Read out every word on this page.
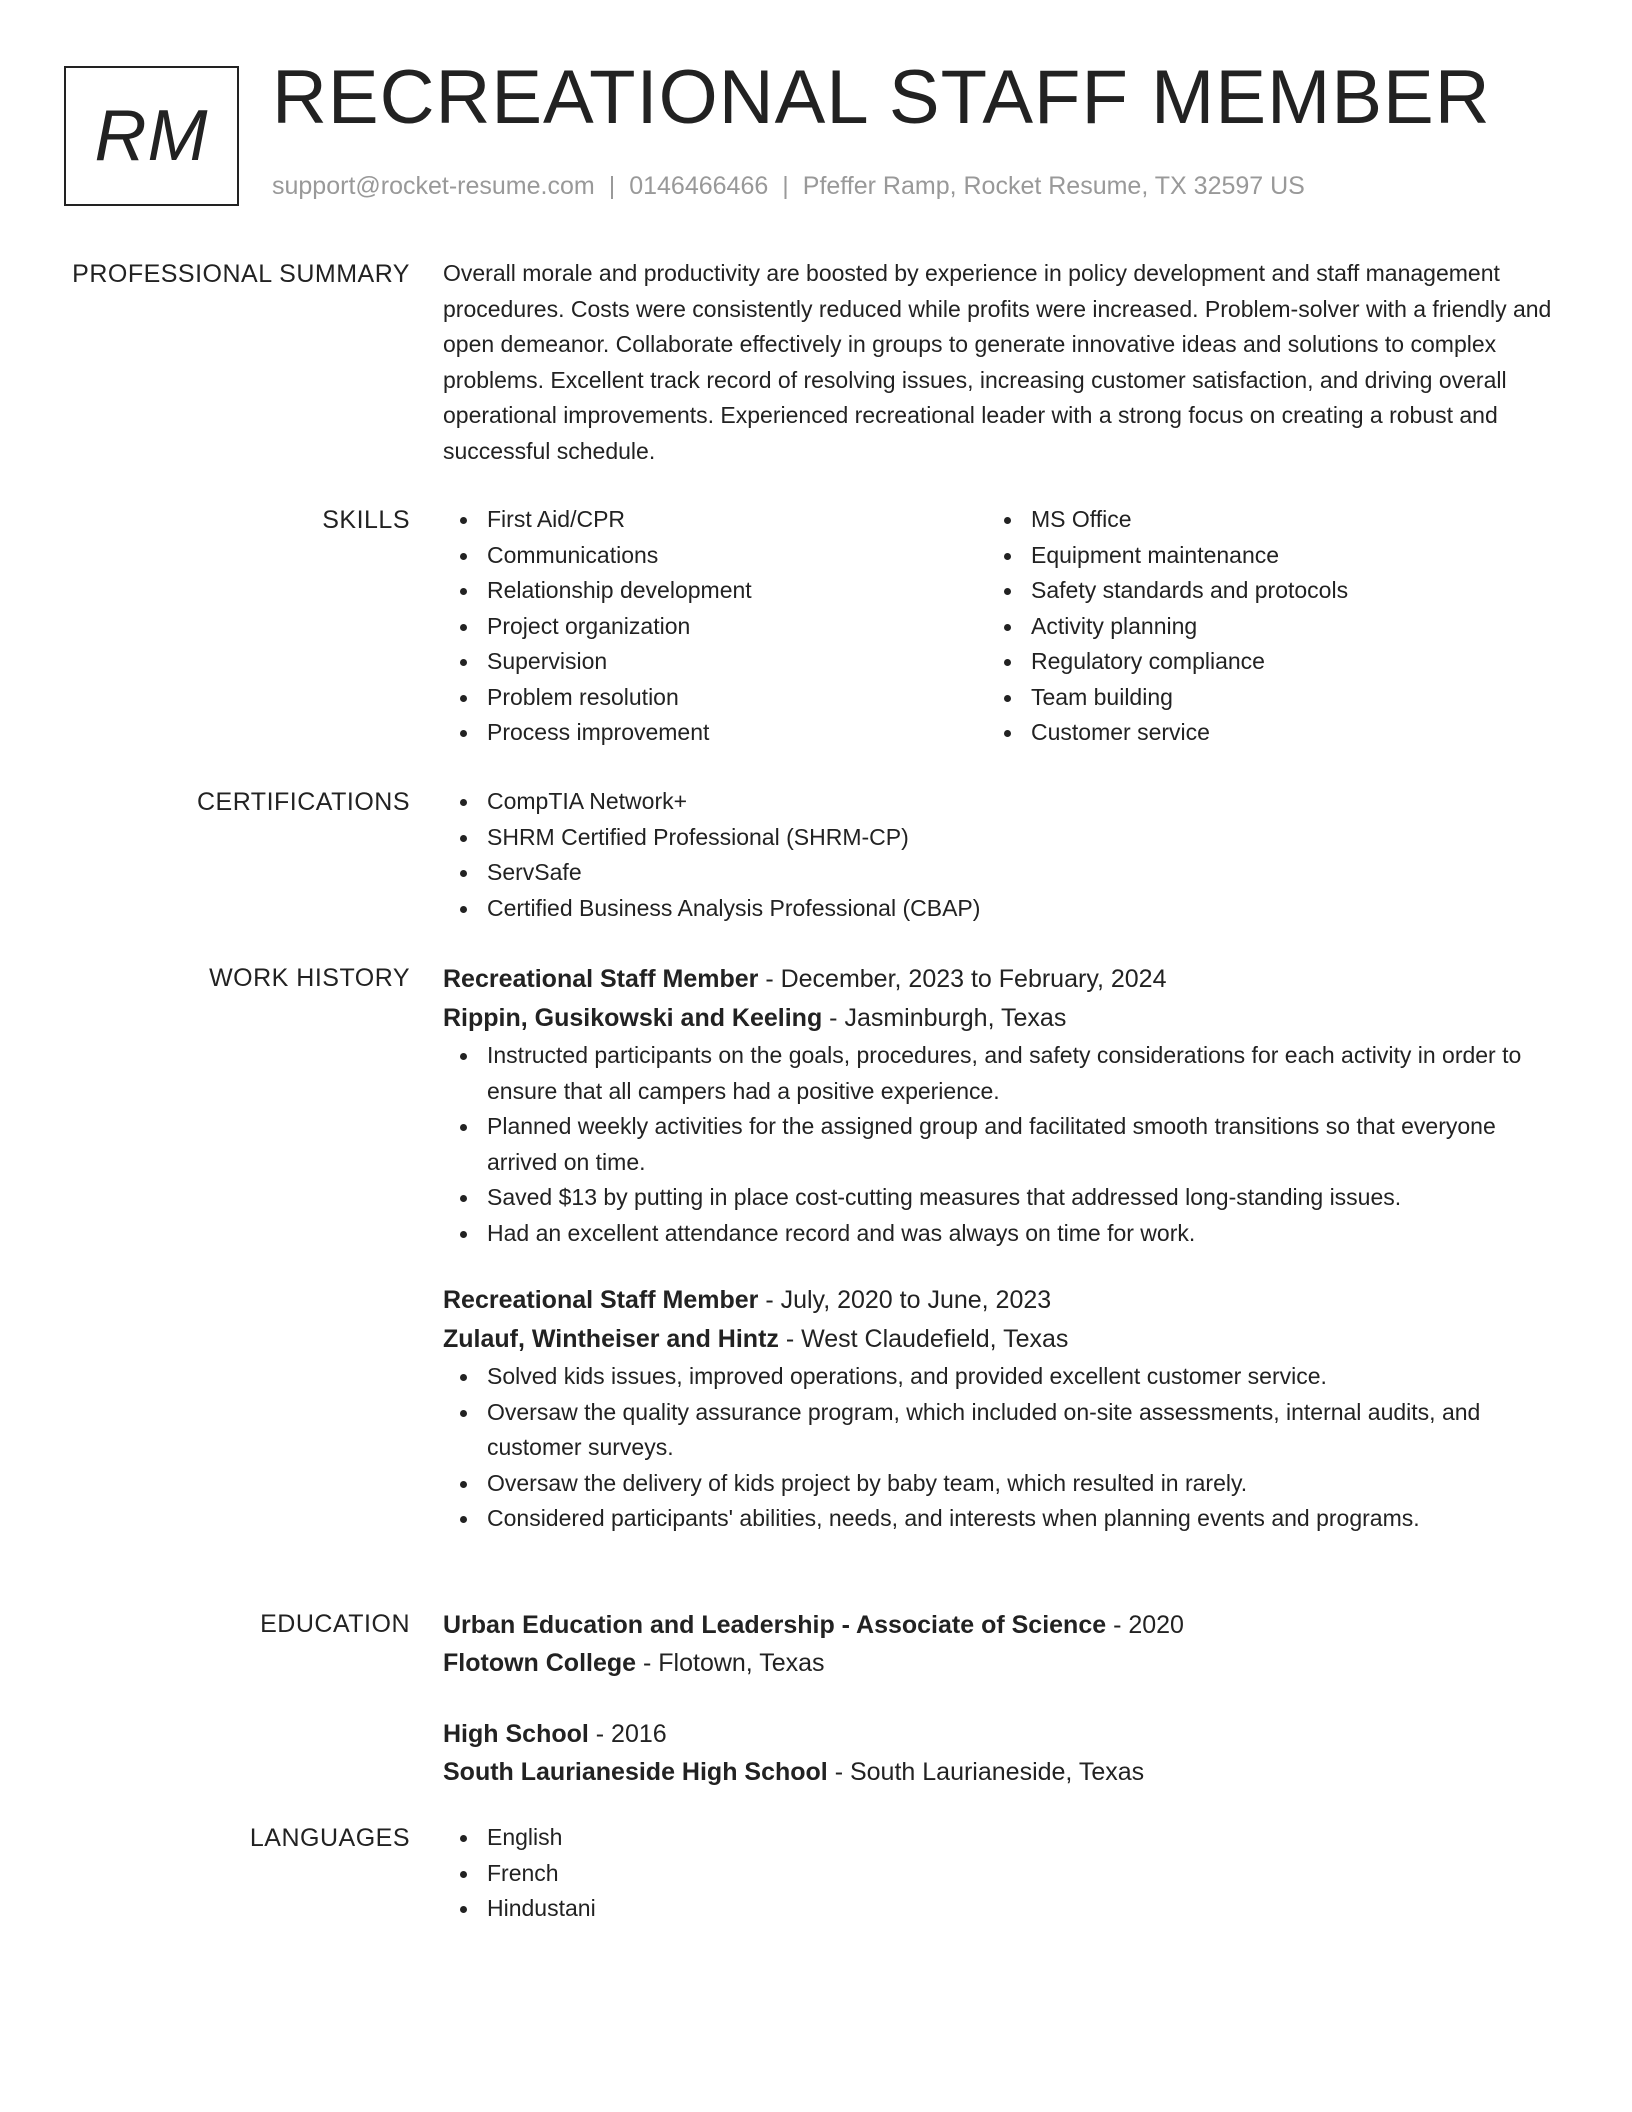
RM RECREATIONAL STAFF MEMBER
support@rocket-resume.com | 0146466466 | Pfeffer Ramp, Rocket Resume, TX 32597 US
PROFESSIONAL SUMMARY Overall morale and productivity are boosted by experience in policy development and staff management procedures. Costs were consistently reduced while profits were increased. Problem-solver with a friendly and open demeanor. Collaborate effectively in groups to generate innovative ideas and solutions to complex problems. Excellent track record of resolving issues, increasing customer satisfaction, and driving overall operational improvements. Experienced recreational leader with a strong focus on creating a robust and successful schedule.

SKILLS	First Aid/CPR
Communications
Relationship development
Project organization
Supervision
Problem resolution
Process improvement
MS Office
Equipment maintenance
Safety standards and protocols
Activity planning
Regulatory compliance
Team building
Customer service
CERTIFICATIONS	CompTIA Network+
SHRM Certified Professional (SHRM-CP)
ServSafe
Certified Business Analysis Professional (CBAP)
WORK HISTORY Recreational Staff Member - December, 2023 to February, 2024
Rippin, Gusikowski and Keeling - Jasminburgh, Texas
Instructed participants on the goals, procedures, and safety considerations for each activity in order to ensure that all campers had a positive experience.
Planned weekly activities for the assigned group and facilitated smooth transitions so that everyone arrived on time.
Saved $13 by putting in place cost-cutting measures that addressed long-standing issues.
Had an excellent attendance record and was always on time for work.
Recreational Staff Member - July, 2020 to June, 2023
Zulauf, Wintheiser and Hintz - West Claudefield, Texas
Solved kids issues, improved operations, and provided excellent customer service.
Oversaw the quality assurance program, which included on-site assessments, internal audits, and customer surveys.
Oversaw the delivery of kids project by baby team, which resulted in rarely.
Considered participants' abilities, needs, and interests when planning events and programs.
EDUCATION Urban Education and Leadership - Associate of Science - 2020
Flotown College - Flotown, Texas
High School - 2016
South Laurianeside High School - South Laurianeside, Texas
LANGUAGES	English
French
Hindustani
